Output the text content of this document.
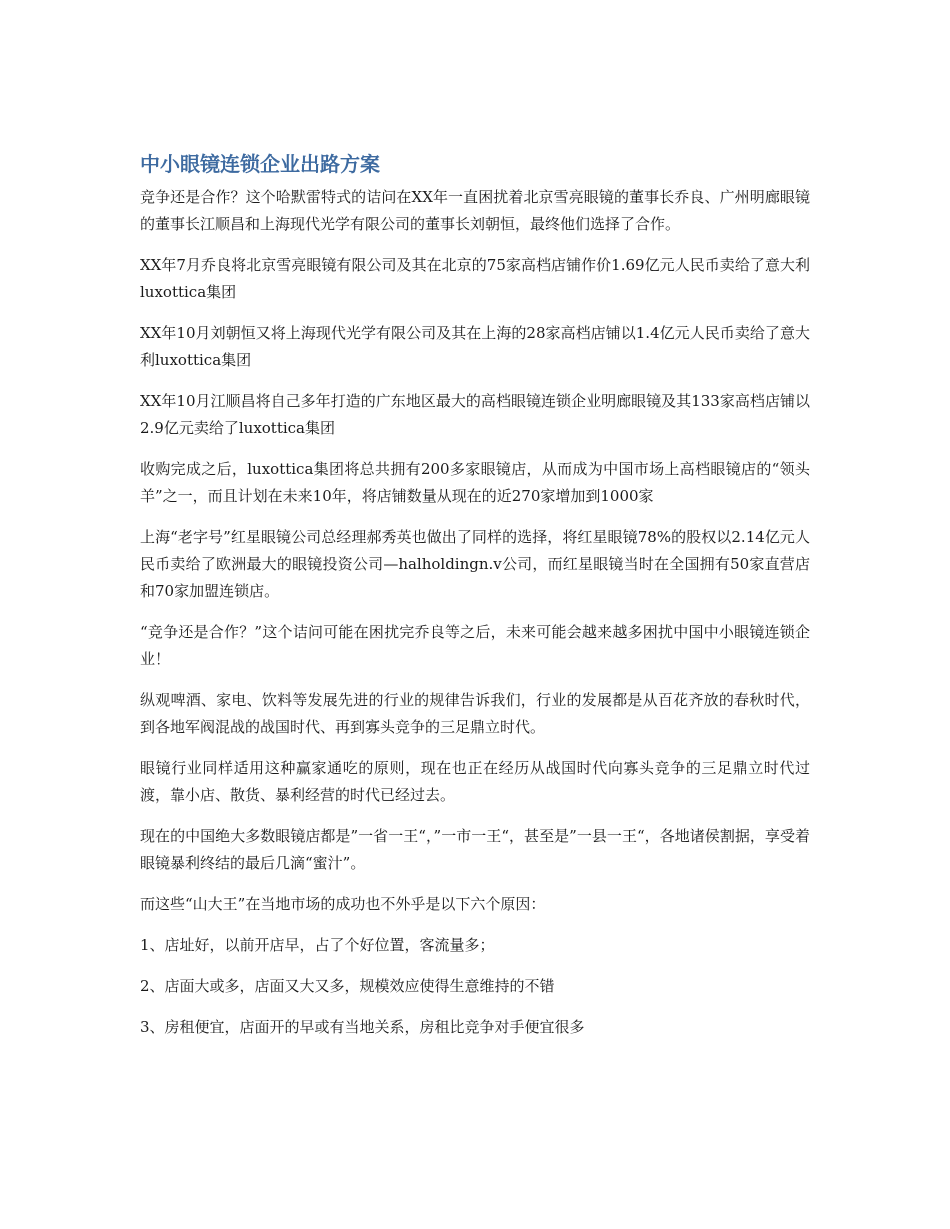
中小眼镜连锁企业出路方案

竞争还是合作？这个哈默雷特式的诘问在XX年一直困扰着北京雪亮眼镜的董事长乔良、广州明廊眼镜的董事长江顺昌和上海现代光学有限公司的董事长刘朝恒，最终他们选择了合作。

XX年7月乔良将北京雪亮眼镜有限公司及其在北京的75家高档店铺作价1.69亿元人民币卖给了意大利luxottica集团

XX年10月刘朝恒又将上海现代光学有限公司及其在上海的28家高档店铺以1.4亿元人民币卖给了意大利luxottica集团

XX年10月江顺昌将自己多年打造的广东地区最大的高档眼镜连锁企业明廊眼镜及其133家高档店铺以2.9亿元卖给了luxottica集团

收购完成之后，luxottica集团将总共拥有200多家眼镜店，从而成为中国市场上高档眼镜店的“领头羊”之一，而且计划在未来10年，将店铺数量从现在的近270家增加到1000家

上海“老字号”红星眼镜公司总经理郝秀英也做出了同样的选择，将红星眼镜78%的股权以2.14亿元人民币卖给了欧洲最大的眼镜投资公司—halholdingn.v公司，而红星眼镜当时在全国拥有50家直营店和70家加盟连锁店。

“竞争还是合作？”这个诘问可能在困扰完乔良等之后，未来可能会越来越多困扰中国中小眼镜连锁企业！

纵观啤酒、家电、饮料等发展先进的行业的规律告诉我们，行业的发展都是从百花齐放的春秋时代，到各地军阀混战的战国时代、再到寡头竞争的三足鼎立时代。

眼镜行业同样适用这种赢家通吃的原则，现在也正在经历从战国时代向寡头竞争的三足鼎立时代过渡，靠小店、散货、暴利经营的时代已经过去。

现在的中国绝大多数眼镜店都是”一省一王“，”一市一王“，甚至是”一县一王“，各地诸侯割据，享受着眼镜暴利终结的最后几滴“蜜汁”。

而这些“山大王”在当地市场的成功也不外乎是以下六个原因：

1、店址好，以前开店早，占了个好位置，客流量多；

2、店面大或多，店面又大又多，规模效应使得生意维持的不错

3、房租便宜，店面开的早或有当地关系，房租比竞争对手便宜很多
